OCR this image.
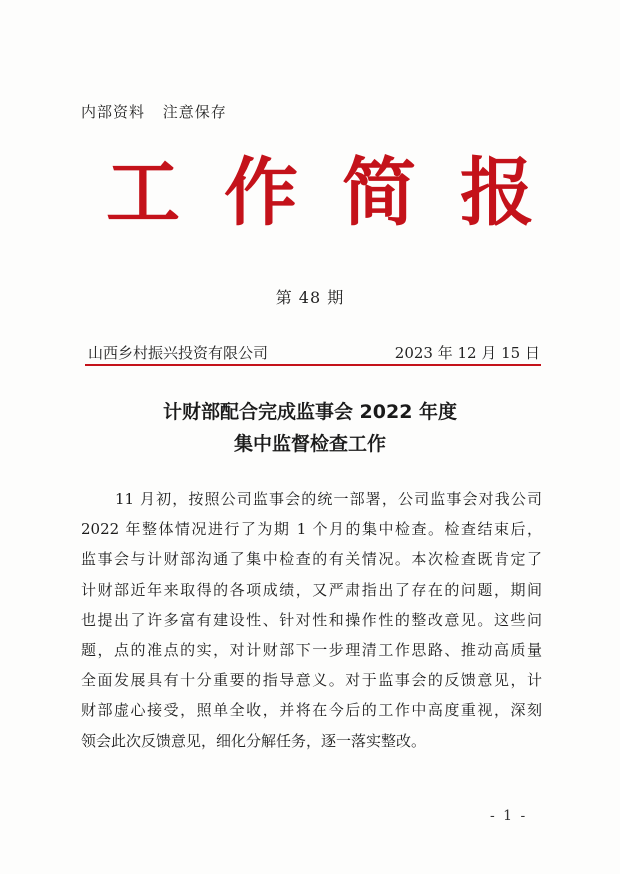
内部资料 注意保存
工 作 简 报
第 48 期
山西乡村振兴投资有限公司	2023 年 12 月 15 日
计财部配合完成监事会 2022 年度
集中监督检查工作
11 月初，按照公司监事会的统一部署，公司监事会对我公司
2022 年整体情况进行了为期 1 个月的集中检查。检查结束后，
监事会与计财部沟通了集中检查的有关情况。本次检查既肯定了
计财部近年来取得的各项成绩，又严肃指出了存在的问题，期间
也提出了许多富有建设性、针对性和操作性的整改意见。这些问
题，点的准点的实，对计财部下一步理清工作思路、推动高质量
全面发展具有十分重要的指导意义。对于监事会的反馈意见，计
财部虚心接受，照单全收，并将在今后的工作中高度重视，深刻
领会此次反馈意见，细化分解任务，逐一落实整改。
- 1 -
